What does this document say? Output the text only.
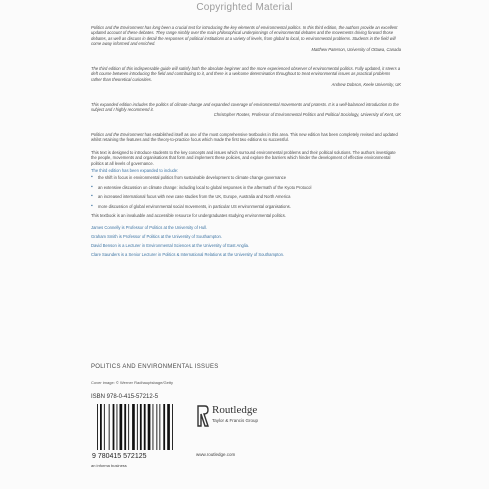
Copyrighted Material

Politics and the Environment has long been a crucial text for introducing the key elements of environmental politics. In this third edition, the authors provide an excellent updated account of these debates. They range nimbly over the main philosophical underpinnings of environmental debates and the movements driving forward those debates, as well as discuss in detail the responses of political institutions at a variety of levels, from global to local, to environmental problems. Students in the field will come away informed and enriched.

Matthew Paterson, University of Ottawa, Canada

The third edition of this indispensable guide will satisfy both the absolute beginner and the more experienced observer of environmental politics. Fully updated, it steers a deft course between introducing the field and contributing to it, and there is a welcome determination throughout to treat environmental issues as practical problems rather than theoretical curiosities.

Andrew Dobson, Keele University, UK

This expanded edition includes the politics of climate change and expanded coverage of environmental movements and protests. It is a well-balanced introduction to the subject and I highly recommend it.

Christopher Rootes, Professor of Environmental Politics and Political Sociology, University of Kent, UK

Politics and the Environment has established itself as one of the most comprehensive textbooks in this area. This new edition has been completely revised and updated whilst retaining the features and the theory-to-practice focus which made the first two editions so successful.

This text is designed to introduce students to the key concepts and issues which surround environmental problems and their political solutions. The authors investigate the people, movements and organisations that form and implement these policies, and explore the barriers which hinder the development of effective environmental politics at all levels of governance.

The third edition has been expanded to include:

▪ the shift in focus in environmental politics from sustainable development to climate change governance
▪ an extensive discussion on climate change: including local to global responses in the aftermath of the Kyoto Protocol
▪ an increased international focus with new case studies from the UK, Europe, Australia and North America
▪ more discussion of global environmental social movements, in particular US environmental organisations.

This textbook is an invaluable and accessible resource for undergraduates studying environmental politics.

James Connelly is Professor of Politics at the University of Hull.

Graham Smith is Professor of Politics at the University of Southampton.

David Benson is a Lecturer in Environmental Sciences at the University of East Anglia.

Clare Saunders is a Senior Lecturer in Politics & International Relations at the University of Southampton.

POLITICS AND ENVIRONMENTAL ISSUES
Cover image: © Werner Radhauptsbage/Getty
ISBN 978-0-415-57212-5
9 780415 572125
an informa business
Routledge
Taylor & Francis Group
www.routledge.com
